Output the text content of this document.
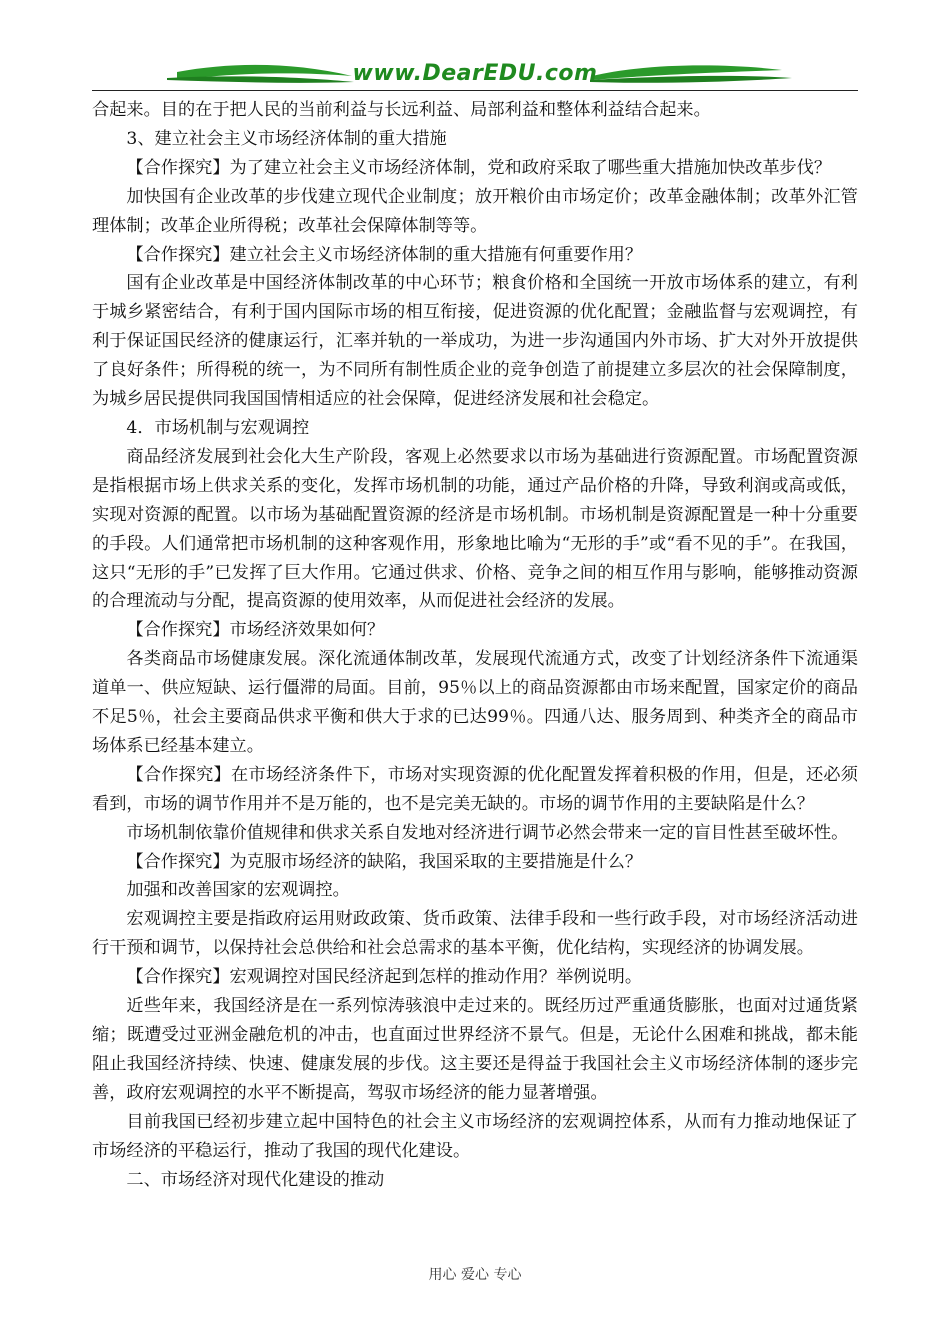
www.DearEDU.com

合起来。目的在于把人民的当前利益与长远利益、局部利益和整体利益结合起来。

3、建立社会主义市场经济体制的重大措施

【合作探究】为了建立社会主义市场经济体制，党和政府采取了哪些重大措施加快改革步伐？

加快国有企业改革的步伐建立现代企业制度；放开粮价由市场定价；改革金融体制；改革外汇管理体制；改革企业所得税；改革社会保障体制等等。

【合作探究】建立社会主义市场经济体制的重大措施有何重要作用？

国有企业改革是中国经济体制改革的中心环节；粮食价格和全国统一开放市场体系的建立，有利于城乡紧密结合，有利于国内国际市场的相互衔接，促进资源的优化配置；金融监督与宏观调控，有利于保证国民经济的健康运行，汇率并轨的一举成功，为进一步沟通国内外市场、扩大对外开放提供了良好条件；所得税的统一，为不同所有制性质企业的竞争创造了前提建立多层次的社会保障制度，为城乡居民提供同我国国情相适应的社会保障，促进经济发展和社会稳定。

4．市场机制与宏观调控

商品经济发展到社会化大生产阶段，客观上必然要求以市场为基础进行资源配置。市场配置资源是指根据市场上供求关系的变化，发挥市场机制的功能，通过产品价格的升降，导致利润或高或低，实现对资源的配置。以市场为基础配置资源的经济是市场机制。市场机制是资源配置是一种十分重要的手段。人们通常把市场机制的这种客观作用，形象地比喻为“无形的手”或“看不见的手”。在我国，这只“无形的手”已发挥了巨大作用。它通过供求、价格、竞争之间的相互作用与影响，能够推动资源的合理流动与分配，提高资源的使用效率，从而促进社会经济的发展。

【合作探究】市场经济效果如何？

各类商品市场健康发展。深化流通体制改革，发展现代流通方式，改变了计划经济条件下流通渠道单一、供应短缺、运行僵滞的局面。目前，95％以上的商品资源都由市场来配置，国家定价的商品不足5％，社会主要商品供求平衡和供大于求的已达99％。四通八达、服务周到、种类齐全的商品市场体系已经基本建立。

【合作探究】在市场经济条件下，市场对实现资源的优化配置发挥着积极的作用，但是，还必须看到，市场的调节作用并不是万能的，也不是完美无缺的。市场的调节作用的主要缺陷是什么？

市场机制依靠价值规律和供求关系自发地对经济进行调节必然会带来一定的盲目性甚至破坏性。

【合作探究】为克服市场经济的缺陷，我国采取的主要措施是什么？

加强和改善国家的宏观调控。

宏观调控主要是指政府运用财政政策、货币政策、法律手段和一些行政手段，对市场经济活动进行干预和调节，以保持社会总供给和社会总需求的基本平衡，优化结构，实现经济的协调发展。

【合作探究】宏观调控对国民经济起到怎样的推动作用？举例说明。

近些年来，我国经济是在一系列惊涛骇浪中走过来的。既经历过严重通货膨胀，也面对过通货紧缩；既遭受过亚洲金融危机的冲击，也直面过世界经济不景气。但是，无论什么困难和挑战，都未能阻止我国经济持续、快速、健康发展的步伐。这主要还是得益于我国社会主义市场经济体制的逐步完善，政府宏观调控的水平不断提高，驾驭市场经济的能力显著增强。

目前我国已经初步建立起中国特色的社会主义市场经济的宏观调控体系，从而有力推动地保证了市场经济的平稳运行，推动了我国的现代化建设。

二、市场经济对现代化建设的推动

用心 爱心 专心
